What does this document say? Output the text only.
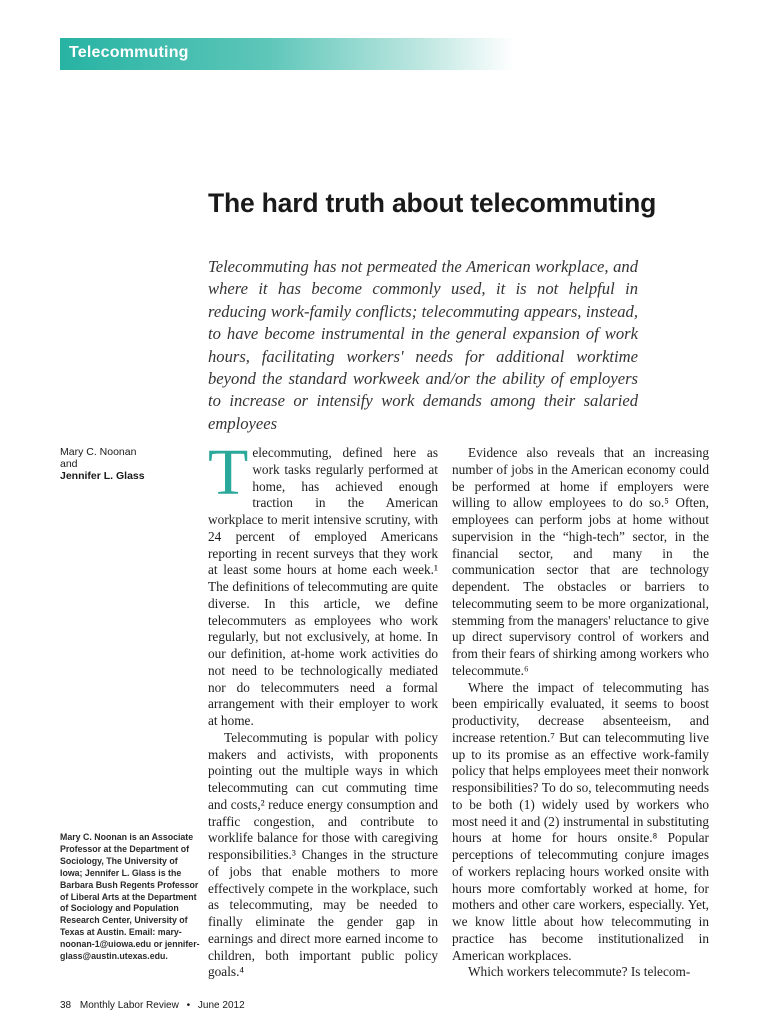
Telecommuting
The hard truth about telecommuting

Telecommuting has not permeated the American workplace, and where it has become commonly used, it is not helpful in reducing work-family conflicts; telecommuting appears, instead, to have become instrumental in the general expansion of work hours, facilitating workers' needs for additional worktime beyond the standard workweek and/or the ability of employers to increase or intensify work demands among their salaried employees

Mary C. Noonan
and
Jennifer L. Glass

Mary C. Noonan is an Associate Professor at the Department of Sociology, The University of Iowa; Jennifer L. Glass is the Barbara Bush Regents Professor of Liberal Arts at the Department of Sociology and Population Research Center, University of Texas at Austin. Email: mary-noonan-1@uiowa.edu or jennifer-glass@austin.utexas.edu.

Telecommuting, defined here as work tasks regularly performed at home, has achieved enough traction in the American workplace to merit intensive scrutiny, with 24 percent of employed Americans reporting in recent surveys that they work at least some hours at home each week.¹ The definitions of telecommuting are quite diverse. In this article, we define telecommuters as employees who work regularly, but not exclusively, at home. In our definition, at-home work activities do not need to be technologically mediated nor do telecommuters need a formal arrangement with their employer to work at home.

Telecommuting is popular with policy makers and activists, with proponents pointing out the multiple ways in which telecommuting can cut commuting time and costs,² reduce energy consumption and traffic congestion, and contribute to worklife balance for those with caregiving responsibilities.³ Changes in the structure of jobs that enable mothers to more effectively compete in the workplace, such as telecommuting, may be needed to finally eliminate the gender gap in earnings and direct more earned income to children, both important public policy goals.⁴

Evidence also reveals that an increasing number of jobs in the American economy could be performed at home if employers were willing to allow employees to do so.⁵ Often, employees can perform jobs at home without supervision in the “high-tech” sector, in the financial sector, and many in the communication sector that are technology dependent. The obstacles or barriers to telecommuting seem to be more organizational, stemming from the managers' reluctance to give up direct supervisory control of workers and from their fears of shirking among workers who telecommute.⁶

Where the impact of telecommuting has been empirically evaluated, it seems to boost productivity, decrease absenteeism, and increase retention.⁷ But can telecommuting live up to its promise as an effective work-family policy that helps employees meet their nonwork responsibilities? To do so, telecommuting needs to be both (1) widely used by workers who most need it and (2) instrumental in substituting hours at home for hours onsite.⁸ Popular perceptions of telecommuting conjure images of workers replacing hours worked onsite with hours more comfortably worked at home, for mothers and other care workers, especially. Yet, we know little about how telecommuting in practice has become institutionalized in American workplaces.

Which workers telecommute? Is telecom-

38 Monthly Labor Review • June 2012
